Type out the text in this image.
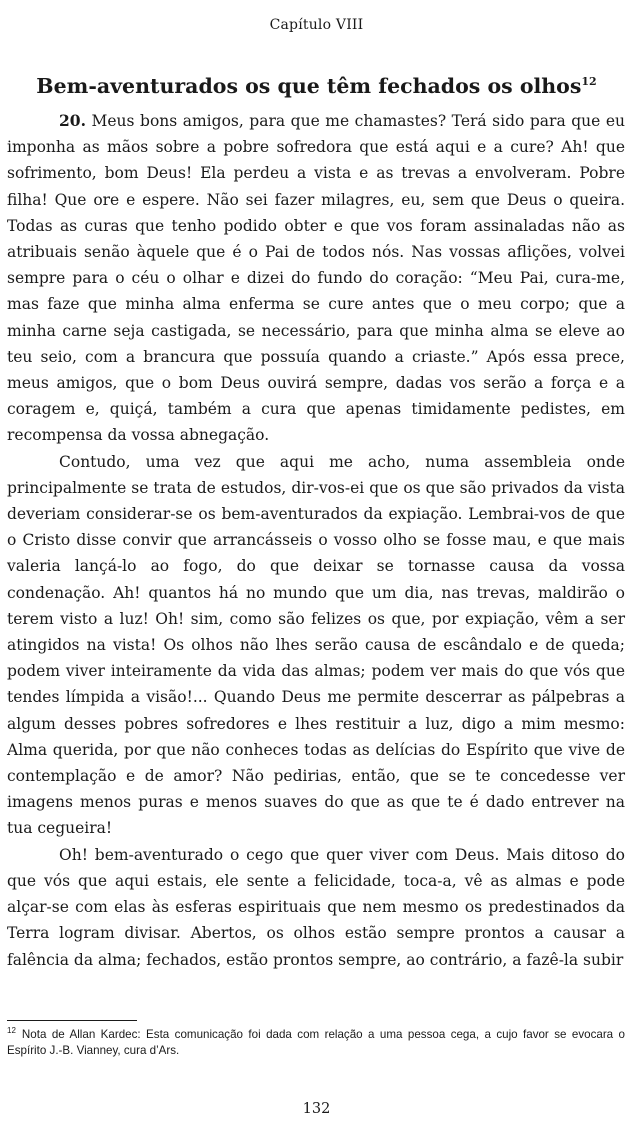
Capítulo VIII
Bem-aventurados os que têm fechados os olhos$^{12}$

20. Meus bons amigos, para que me chamastes? Terá sido para que eu imponha as mãos sobre a pobre sofredora que está aqui e a cure? Ah! que sofrimento, bom Deus! Ela perdeu a vista e as trevas a envolveram. Pobre filha! Que ore e espere. Não sei fazer milagres, eu, sem que Deus o queira. Todas as curas que tenho podido obter e que vos foram assinaladas não as atribuais senão àquele que é o Pai de todos nós. Nas vossas aflições, volvei sempre para o céu o olhar e dizei do fundo do coração: “Meu Pai, cura-me, mas faze que minha alma enferma se cure antes que o meu corpo; que a minha carne seja castigada, se necessário, para que minha alma se eleve ao teu seio, com a brancura que possuía quando a criaste.” Após essa prece, meus amigos, que o bom Deus ouvirá sempre, dadas vos serão a força e a coragem e, quiçá, também a cura que apenas timidamente pedistes, em recompensa da vossa abnegação.

Contudo, uma vez que aqui me acho, numa assembleia onde principalmente se trata de estudos, dir-vos-ei que os que são privados da vista deveriam considerar-se os bem-aventurados da expiação. Lembrai-vos de que o Cristo disse convir que arrancásseis o vosso olho se fosse mau, e que mais valeria lançá-lo ao fogo, do que deixar se tornasse causa da vossa condenação. Ah! quantos há no mundo que um dia, nas trevas, maldirão o terem visto a luz! Oh! sim, como são felizes os que, por expiação, vêm a ser atingidos na vista! Os olhos não lhes serão causa de escândalo e de queda; podem viver inteiramente da vida das almas; podem ver mais do que vós que tendes límpida a visão!... Quando Deus me permite descerrar as pálpebras a algum desses pobres sofredores e lhes restituir a luz, digo a mim mesmo: Alma querida, por que não conheces todas as delícias do Espírito que vive de contemplação e de amor? Não pedirias, então, que se te concedesse ver imagens menos puras e menos suaves do que as que te é dado entrever na tua cegueira!

Oh! bem-aventurado o cego que quer viver com Deus. Mais ditoso do que vós que aqui estais, ele sente a felicidade, toca-a, vê as almas e pode alçar-se com elas às esferas espirituais que nem mesmo os predestinados da Terra logram divisar. Abertos, os olhos estão sempre prontos a causar a falência da alma; fechados, estão prontos sempre, ao contrário, a fazê-la subir

$^{12}$ Nota de Allan Kardec: Esta comunicação foi dada com relação a uma pessoa cega, a cujo favor se evocara o Espírito J.-B. Vianney, cura d’Ars.
132
